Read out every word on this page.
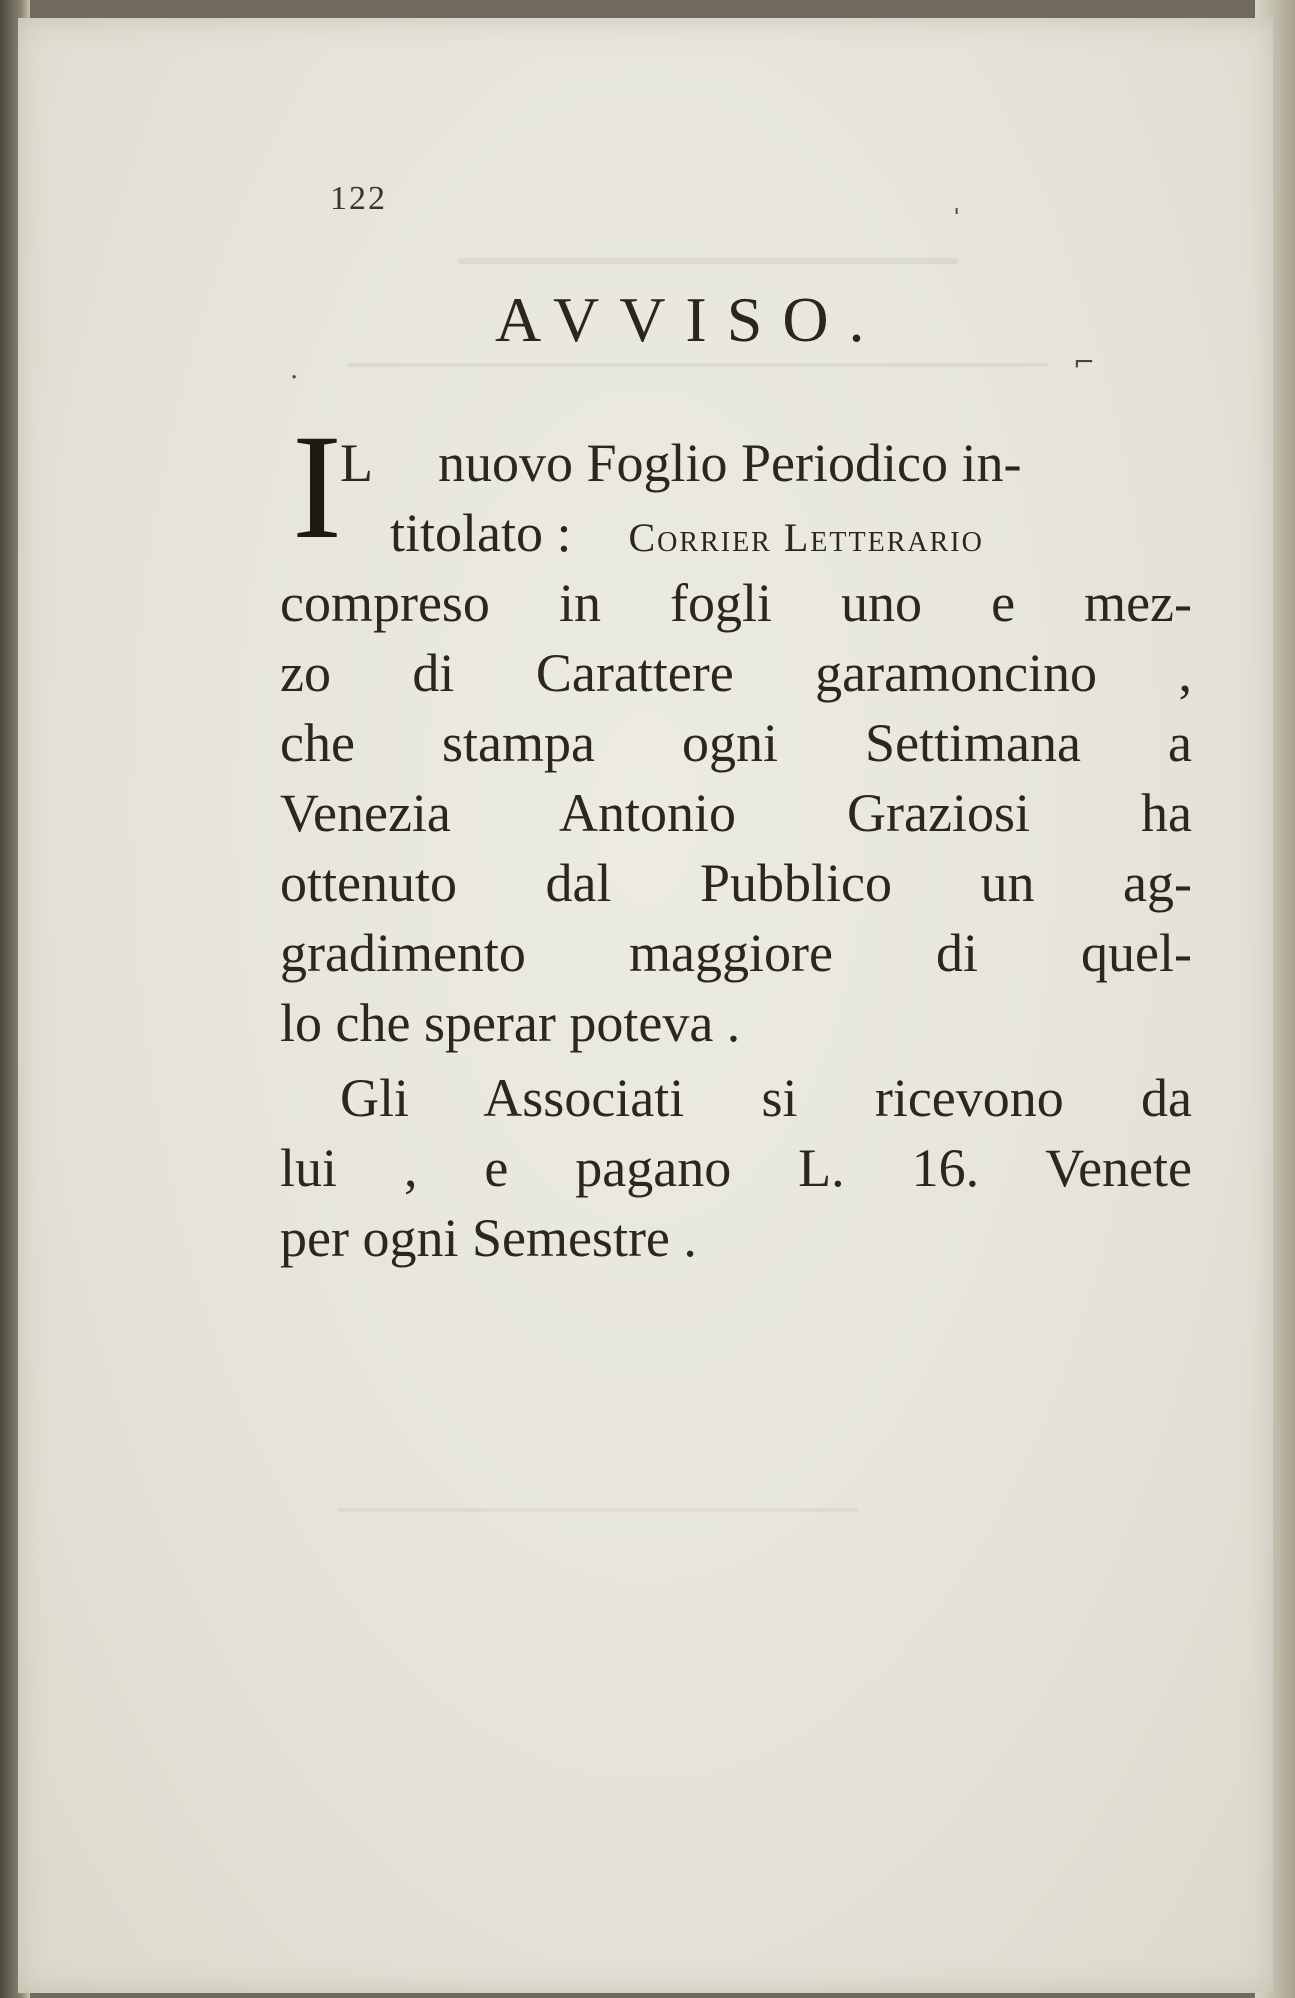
ˌ
·	⌐
122
AVVISO.
I
L nuovo Foglio Periodico in-
titolato : Corrier Letterario
compreso in fogli uno e mez-
zo di Carattere garamoncino ,
che stampa ogni Settimana a
Venezia Antonio Graziosi ha
ottenuto dal Pubblico un ag-
gradimento maggiore di quel-
lo che sperar poteva .
Gli Associati si ricevono da
lui , e pagano L. 16. Venete
per ogni Semestre .
